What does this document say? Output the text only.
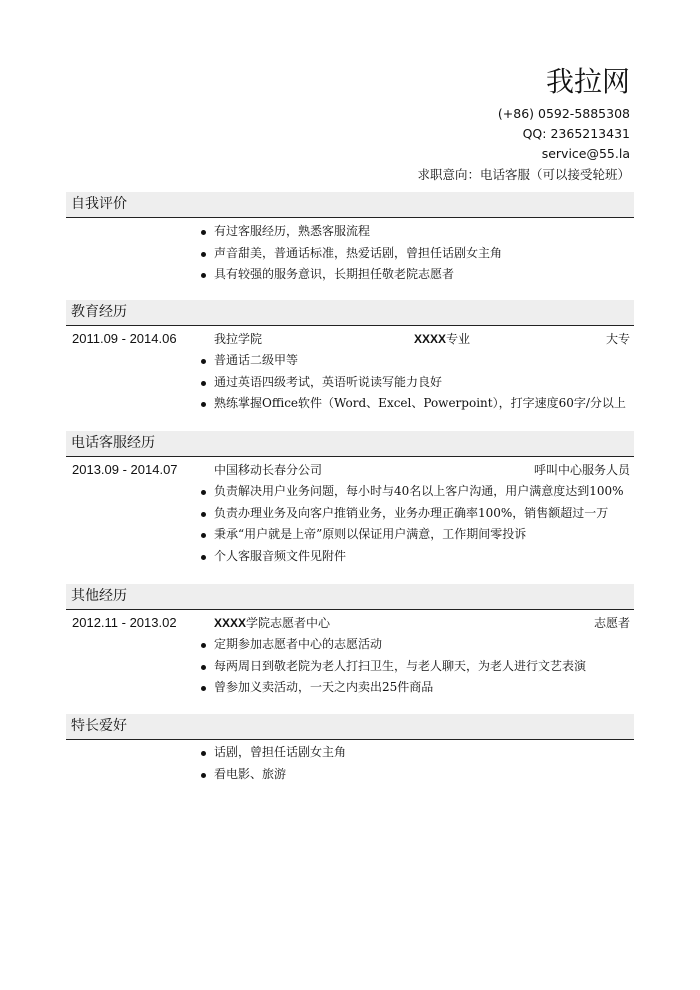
我拉网
(+86) 0592-5885308
QQ: 2365213431
service@55.la
求职意向：电话客服（可以接受轮班）
自我评价
有过客服经历，熟悉客服流程
声音甜美，普通话标准，热爱话剧，曾担任话剧女主角
具有较强的服务意识，长期担任敬老院志愿者
教育经历
2011.09 - 2014.06	我拉学院	XXXX专业	大专
普通话二级甲等
通过英语四级考试，英语听说读写能力良好
熟练掌握Office软件（Word、Excel、Powerpoint），打字速度60字/分以上
电话客服经历
2013.09 - 2014.07	中国移动长春分公司	呼叫中心服务人员
负责解决用户业务问题，每小时与40名以上客户沟通，用户满意度达到100%
负责办理业务及向客户推销业务，业务办理正确率100%，销售额超过一万
秉承“用户就是上帝”原则以保证用户满意，工作期间零投诉
个人客服音频文件见附件
其他经历
2012.11 - 2013.02	XXXX学院志愿者中心	志愿者
定期参加志愿者中心的志愿活动
每两周日到敬老院为老人打扫卫生，与老人聊天，为老人进行文艺表演
曾参加义卖活动，一天之内卖出25件商品
特长爱好
话剧，曾担任话剧女主角
看电影、旅游
